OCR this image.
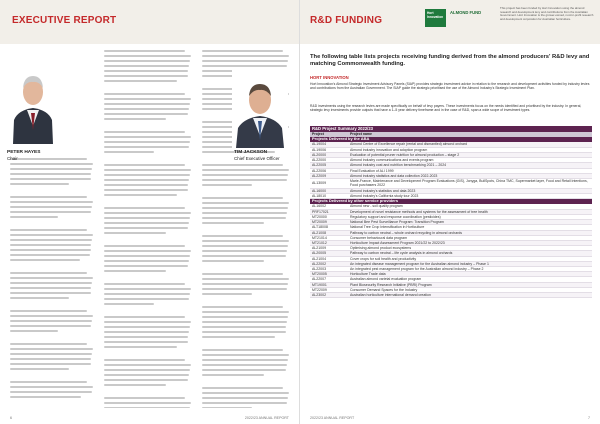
EXECUTIVE REPORT
PETER HAYES
Chair
TIM JACKSON
Chief Executive Officer
6	2022/23 ANNUAL REPORT
R&D FUNDING
Hort Innovation
ALMOND FUND
This project has been funded by Hort Innovation using the almond research and development levy and contributions from the Australian Government. Hort Innovation is the grower-owned, not-for-profit research and development corporation for Australian horticulture.
The following table lists projects receiving funding derived from the almond producers' R&D levy and matching Commonwealth funding.
HORT INNOVATION
Hort Innovation's Almond Strategic Investment Advisory Panels (SIAP) provides strategic investment advice in relation to the research and development activities funded by industry levies and contributions from the Australian Government. The SIAP guide the strategic prioritised the use of the Almond Industry's Strategic Investment Plan.
R&D investments using the research levies are made specifically on behalf of levy payers. These investments focus on the needs identified and prioritised by the industry. In general, strategic levy investments provide outputs that have a 1–5 year delivery timeframe and in the case of R&D, span a wide scope of investment types.
R&D Project Summary 2022/23	
Project	Project name
Projects Delivered by the ABA	
AL19004	Almond Centre of Excellence repair (rental and dismantled) almond orchard
AL19006	Almond industry innovation and adoption program
AL20000	Evaluation of potential pruner nutrition for almond production – stage 2
AL22000	Almond industry communications and events program
AL22005	Almond industry cost and nutrition benchmarking 2021 – 2024
AL22006	Final Evaluation of ALI 1999
AL22009	Almond industry statistics and data collection 2022-2023
AL13009	Marie-France, Maintenance and Development Program Evaluations (GIS), Jonyga, BullSpots, China TMC, Supermarket layer, Food and Retail Intentions, Food purchasers 2022
AL16000	Almond industry's statistics and data 2023
AL18010	Almond industry's California study tour 2023
Projects Delivered by other service providers	
AL16002	Almond new - soil quality program
PRF17021	Development of novel resistance methods and systems for the assessment of tree health
MT20000	Regulatory support and response coordination (pesticides)
MT20009	National Bee Pest Surveillance Program: Transition Program
ALT18008	National Tree Crop Intensification in Horticulture
AL21008	Pathway to carbon neutral – whole orchard recycling in almond orchards
MT21014	Consumer behavioural data program
MT21012	Horticulture Impact Assessment Program 2021/22 to 2022/23
AL21009	Optimising almond product ecosystems
AL20005	Pathway to carbon neutral – life cycle analysis in almond orchards
AL21004	Cover crops for soil health and productivity
AL22002	An integrated disease management program for the Australian almond industry – Phase 1
AL22003	An integrated pest management program for the Australian almond industry – Phase 2
MT20005	Horticulture Trade data
AL22007	Australian almond varietal evaluation program
MT19001	Plant Biosecurity Research Initiative (PBRI) Program
MT22009	Consumer Demand Spaces for the Industry
AL23002	Australian horticulture international demand creation
2022/23 ANNUAL REPORT	7
